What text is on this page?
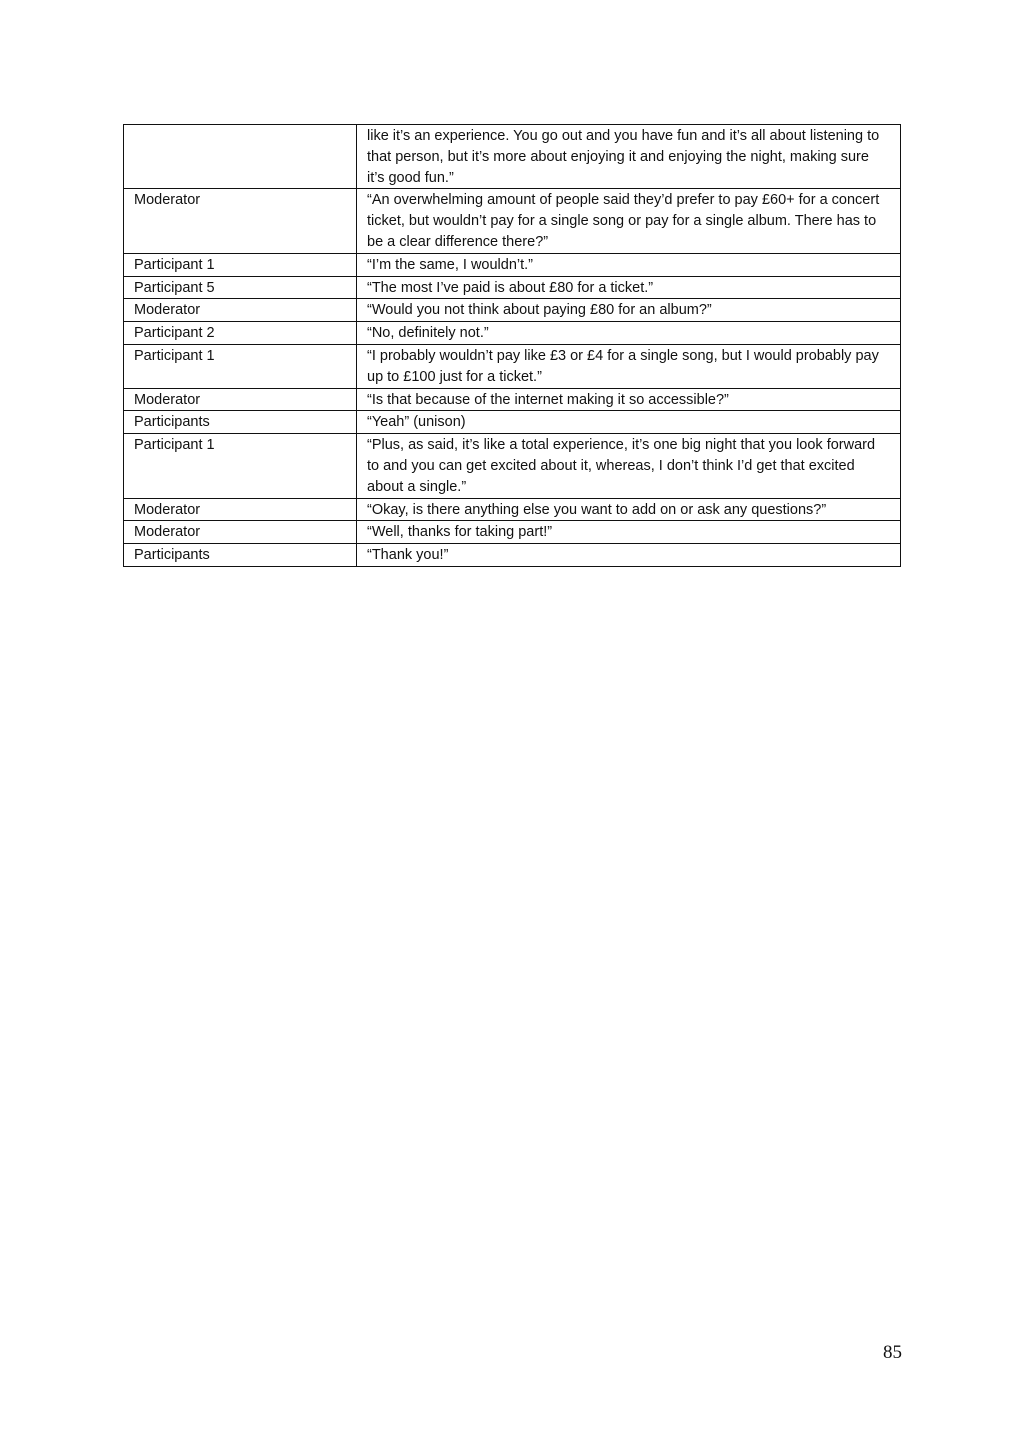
	like it’s an experience. You go out and you have fun and it’s all about listening to that person, but it’s more about enjoying it and enjoying the night, making sure it’s good fun.”
Moderator	“An overwhelming amount of people said they’d prefer to pay £60+ for a concert ticket, but wouldn’t pay for a single song or pay for a single album. There has to be a clear difference there?”
Participant 1	“I’m the same, I wouldn’t.”
Participant 5	“The most I’ve paid is about £80 for a ticket.”
Moderator	“Would you not think about paying £80 for an album?”
Participant 2	“No, definitely not.”
Participant 1	“I probably wouldn’t pay like £3 or £4 for a single song, but I would probably pay up to £100 just for a ticket.”
Moderator	“Is that because of the internet making it so accessible?”
Participants	“Yeah” (unison)
Participant 1	“Plus, as said, it’s like a total experience, it’s one big night that you look forward to and you can get excited about it, whereas, I don’t think I’d get that excited about a single.”
Moderator	“Okay, is there anything else you want to add on or ask any questions?”
Moderator	“Well, thanks for taking part!”
Participants	“Thank you!”
85
